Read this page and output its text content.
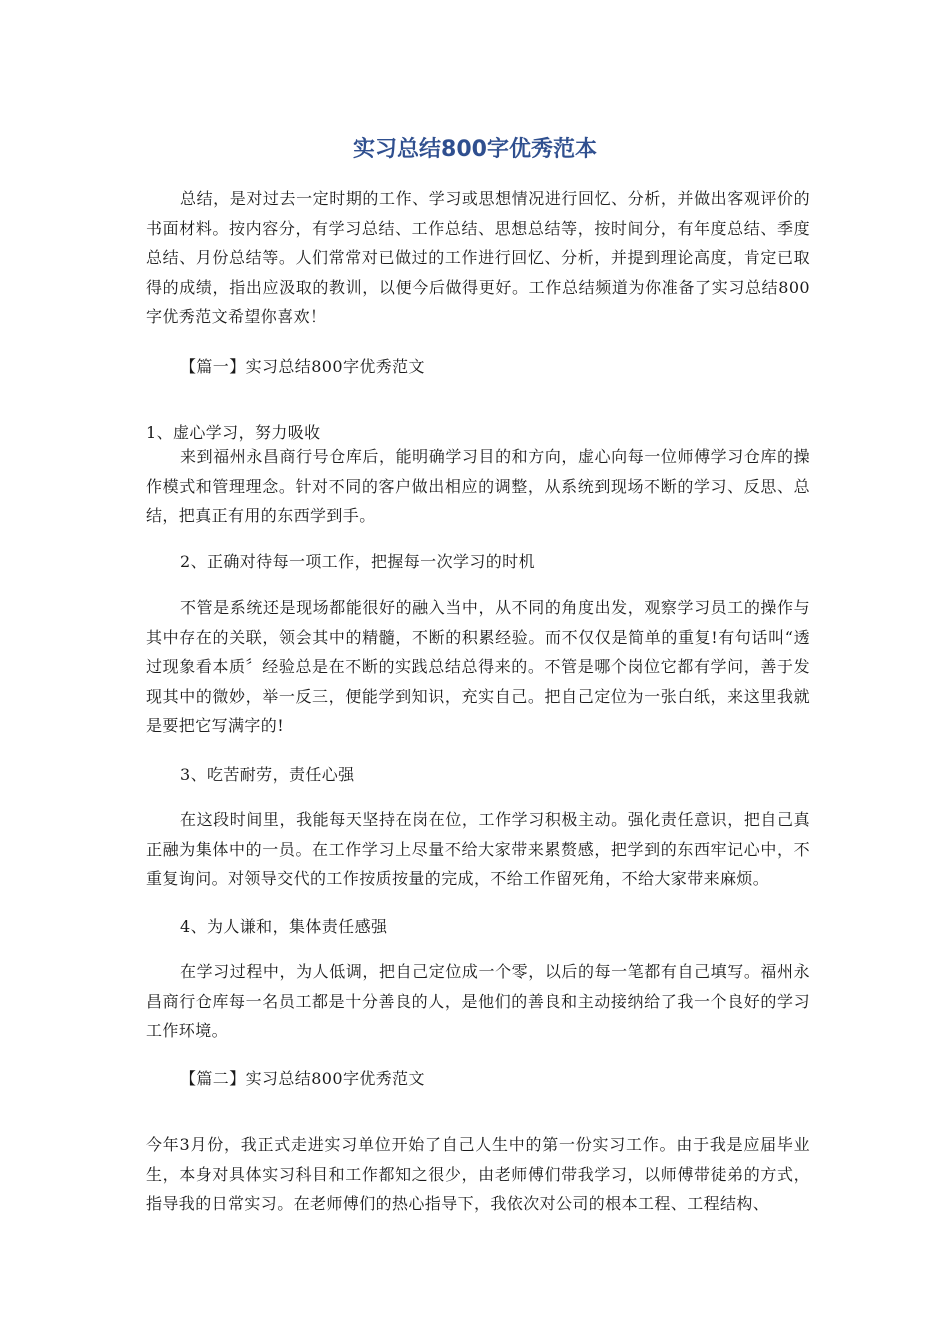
实习总结800字优秀范本

总结，是对过去一定时期的工作、学习或思想情况进行回忆、分析，并做出客观评价的书面材料。按内容分，有学习总结、工作总结、思想总结等，按时间分，有年度总结、季度总结、月份总结等。人们常常对已做过的工作进行回忆、分析，并提到理论高度，肯定已取得的成绩，指出应汲取的教训，以便今后做得更好。工作总结频道为你准备了实习总结800字优秀范文希望你喜欢！

【篇一】实习总结800字优秀范文

1、虚心学习，努力吸收

来到福州永昌商行号仓库后，能明确学习目的和方向，虚心向每一位师傅学习仓库的操作模式和管理理念。针对不同的客户做出相应的调整，从系统到现场不断的学习、反思、总结，把真正有用的东西学到手。

2、正确对待每一项工作，把握每一次学习的时机

不管是系统还是现场都能很好的融入当中，从不同的角度出发，观察学习员工的操作与其中存在的关联，领会其中的精髓，不断的积累经验。而不仅仅是简单的重复!有句话叫“透过现象看本质〞经验总是在不断的实践总结总得来的。不管是哪个岗位它都有学问，善于发现其中的微妙，举一反三，便能学到知识，充实自己。把自己定位为一张白纸，来这里我就是要把它写满字的!

3、吃苦耐劳，责任心强

在这段时间里，我能每天坚持在岗在位，工作学习积极主动。强化责任意识，把自己真正融为集体中的一员。在工作学习上尽量不给大家带来累赘感，把学到的东西牢记心中，不重复询问。对领导交代的工作按质按量的完成，不给工作留死角，不给大家带来麻烦。

4、为人谦和，集体责任感强

在学习过程中，为人低调，把自己定位成一个零，以后的每一笔都有自己填写。福州永昌商行仓库每一名员工都是十分善良的人，是他们的善良和主动接纳给了我一个良好的学习工作环境。

【篇二】实习总结800字优秀范文

今年3月份，我正式走进实习单位开始了自己人生中的第一份实习工作。由于我是应届毕业生，本身对具体实习科目和工作都知之很少，由老师傅们带我学习，以师傅带徒弟的方式，指导我的日常实习。在老师傅们的热心指导下，我依次对公司的根本工程、工程结构、
